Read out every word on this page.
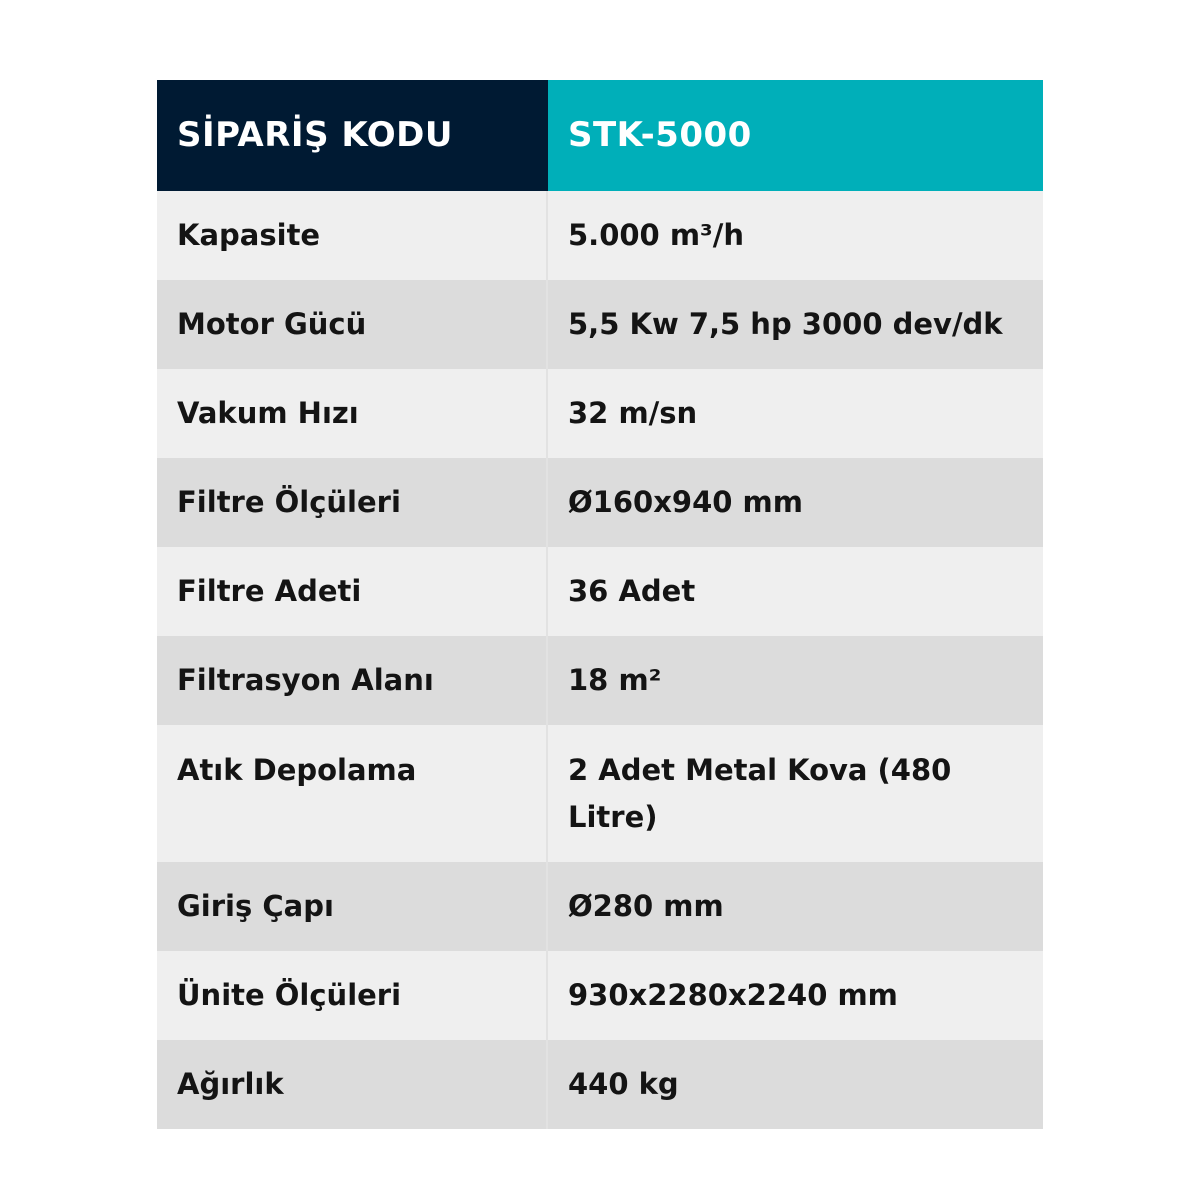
SİPARİŞ KODU	STK-5000
Kapasite	5.000 m³/h
Motor Gücü	5,5 Kw 7,5 hp 3000 dev/dk
Vakum Hızı	32 m/sn
Filtre Ölçüleri	Ø160x940 mm
Filtre Adeti	36 Adet
Filtrasyon Alanı	18 m²
Atık Depolama	2 Adet Metal Kova (480 Litre)
Giriş Çapı	Ø280 mm
Ünite Ölçüleri	930x2280x2240 mm
Ağırlık	440 kg
